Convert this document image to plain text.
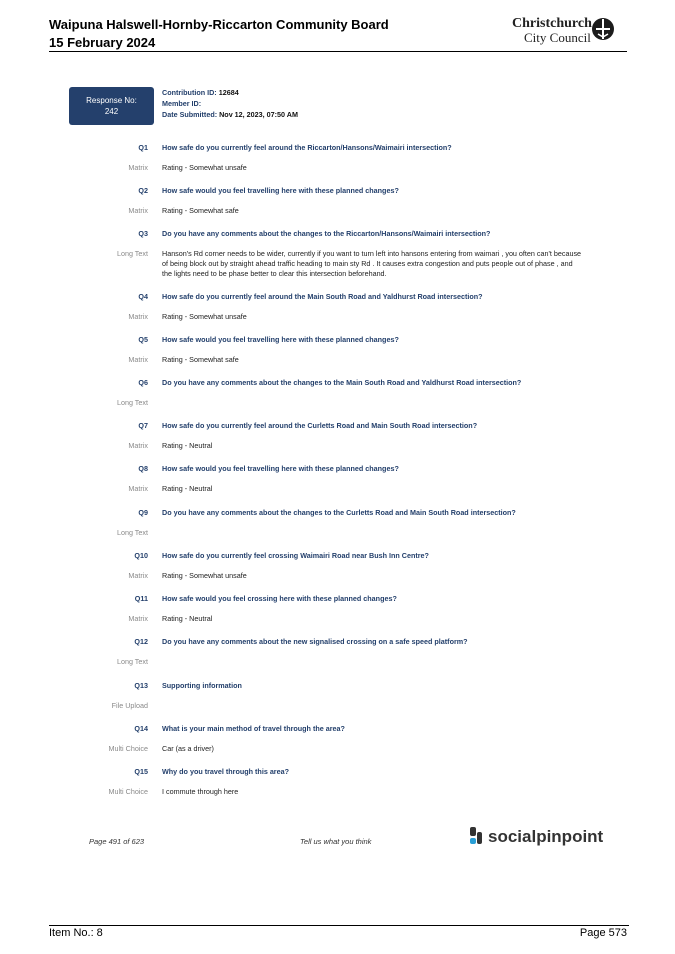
Waipuna Halswell-Hornby-Riccarton Community Board
15 February 2024
Christchurch
City Council
Response No:
242
Contribution ID: 12684
Member ID:
Date Submitted: Nov 12, 2023, 07:50 AM
Q1 How safe do you currently feel around the Riccarton/Hansons/Waimairi intersection?
Matrix Rating - Somewhat unsafe
Q2 How safe would you feel travelling here with these planned changes?
Matrix Rating - Somewhat safe
Q3 Do you have any comments about the changes to the Riccarton/Hansons/Waimairi intersection?
Long Text Hanson's Rd corner needs to be wider, currently if you want to turn left into hansons entering from waimari , you often can't because of being block out by straight ahead traffic heading to main sty Rd . It causes extra congestion and puts people out of phase , and the lights need to be phase better to clear this intersection beforehand.
Q4 How safe do you currently feel around the Main South Road and Yaldhurst Road intersection?
Matrix Rating - Somewhat unsafe
Q5 How safe would you feel travelling here with these planned changes?
Matrix Rating - Somewhat safe
Q6 Do you have any comments about the changes to the Main South Road and Yaldhurst Road intersection?
Long Text
Q7 How safe do you currently feel around the Curletts Road and Main South Road intersection?
Matrix Rating - Neutral
Q8 How safe would you feel travelling here with these planned changes?
Matrix Rating - Neutral
Q9 Do you have any comments about the changes to the Curletts Road and Main South Road intersection?
Long Text
Q10 How safe do you currently feel crossing Waimairi Road near Bush Inn Centre?
Matrix Rating - Somewhat unsafe
Q11 How safe would you feel crossing here with these planned changes?
Matrix Rating - Neutral
Q12 Do you have any comments about the new signalised crossing on a safe speed platform?
Long Text
Q13 Supporting information
File Upload
Q14 What is your main method of travel through the area?
Multi Choice Car (as a driver)
Q15 Why do you travel through this area?
Multi Choice I commute through here
Page 491 of 623	Tell us what you think	socialpinpoint
Item No.: 8	Page 573
